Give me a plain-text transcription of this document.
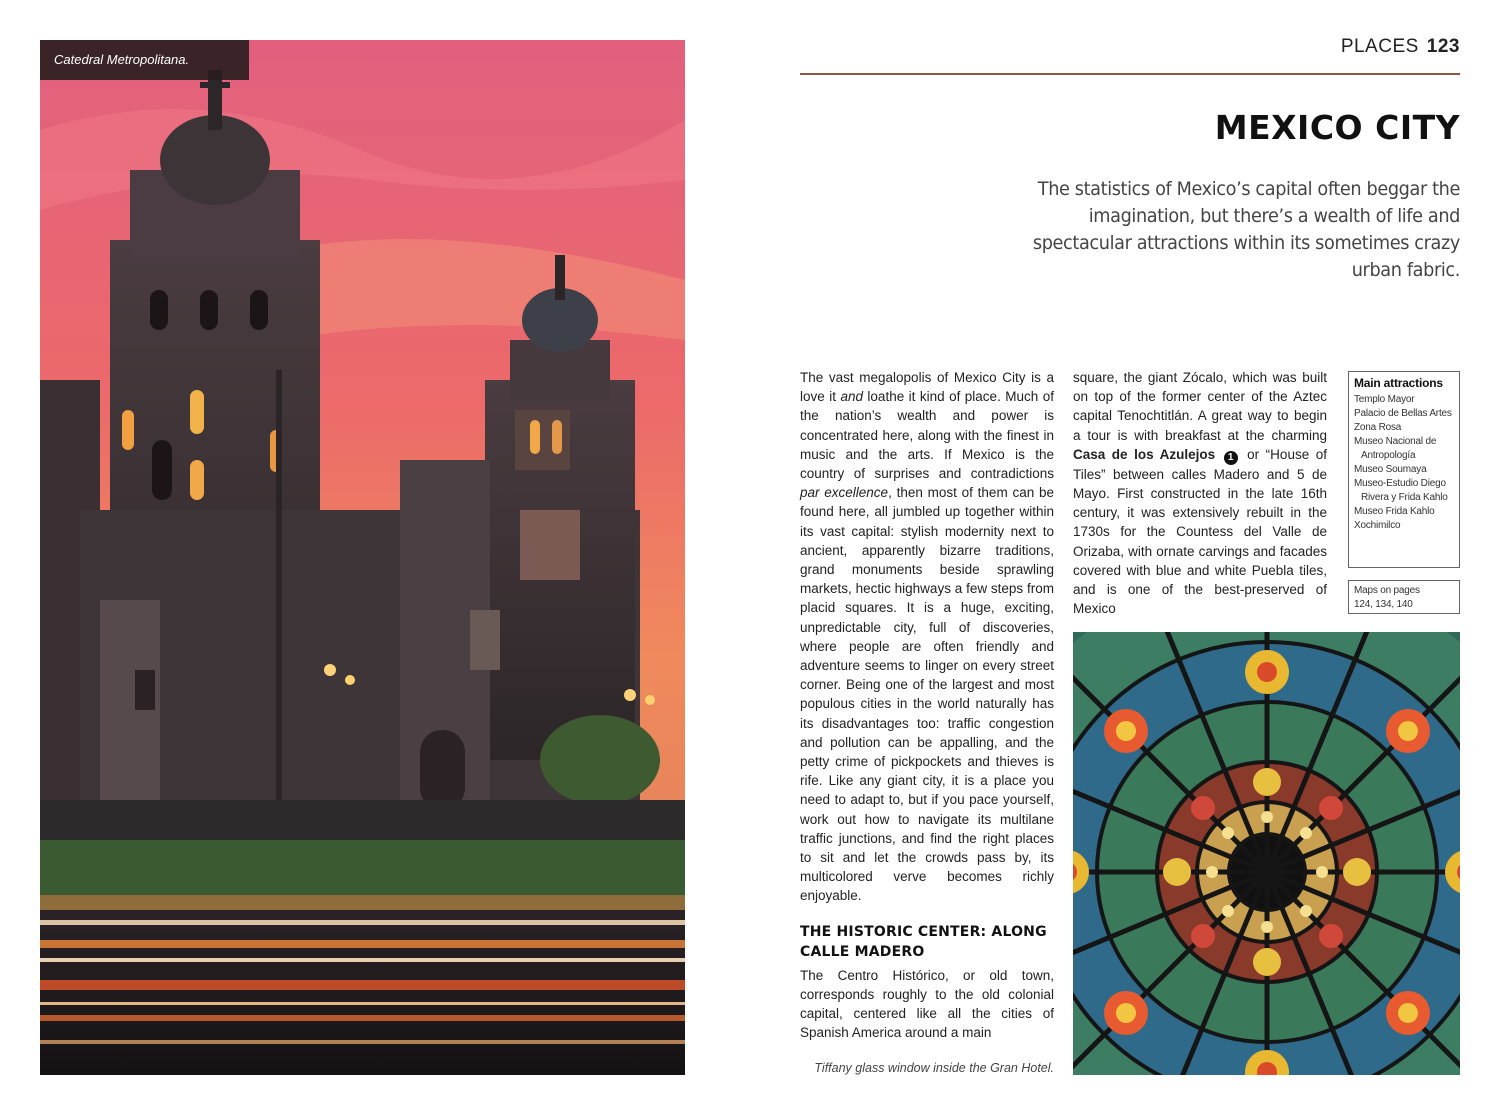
Catedral Metropolitana.
PLACES 123
MEXICO CITY

The statistics of Mexico’s capital often beggar the imagination, but there’s a wealth of life and spectacular attractions within its sometimes crazy urban fabric.

The vast megalopolis of Mexico City is a love it and loathe it kind of place. Much of the nation’s wealth and power is concentrated here, along with the finest in music and the arts. If Mexico is the country of surprises and contradictions par excellence, then most of them can be found here, all jumbled up together within its vast capital: stylish modernity next to ancient, apparently bizarre traditions, grand monuments beside sprawling markets, hectic highways a few steps from placid squares. It is a huge, exciting, unpredictable city, full of discoveries, where people are often friendly and adventure seems to linger on every street corner. Being one of the largest and most populous cities in the world naturally has its disadvantages too: traffic congestion and pollution can be appalling, and the petty crime of pickpockets and thieves is rife. Like any giant city, it is a place you need to adapt to, but if you pace yourself, work out how to navigate its multilane traffic junctions, and find the right places to sit and let the crowds pass by, its multicolored verve becomes richly enjoyable.

THE HISTORIC CENTER: ALONG CALLE MADERO

The Centro Histórico, or old town, corresponds roughly to the old colonial capital, centered like all the cities of Spanish America around a main

square, the giant Zócalo, which was built on top of the former center of the Aztec capital Tenochtitlán. A great way to begin a tour is with breakfast at the charming Casa de los Azulejos 1 or “House of Tiles” between calles Madero and 5 de Mayo. First constructed in the late 16th century, it was extensively rebuilt in the 1730s for the Countess del Valle de Orizaba, with ornate carvings and facades covered with blue and white Puebla tiles, and is one of the best-preserved of Mexico

Main attractions
Templo Mayor
Palacio de Bellas Artes
Zona Rosa
Museo Nacional de Antropología
Museo Soumaya
Museo-Estudio Diego Rivera y Frida Kahlo
Museo Frida Kahlo
Xochimilco
Maps on pages
124, 134, 140
Tiffany glass window inside the Gran Hotel.
